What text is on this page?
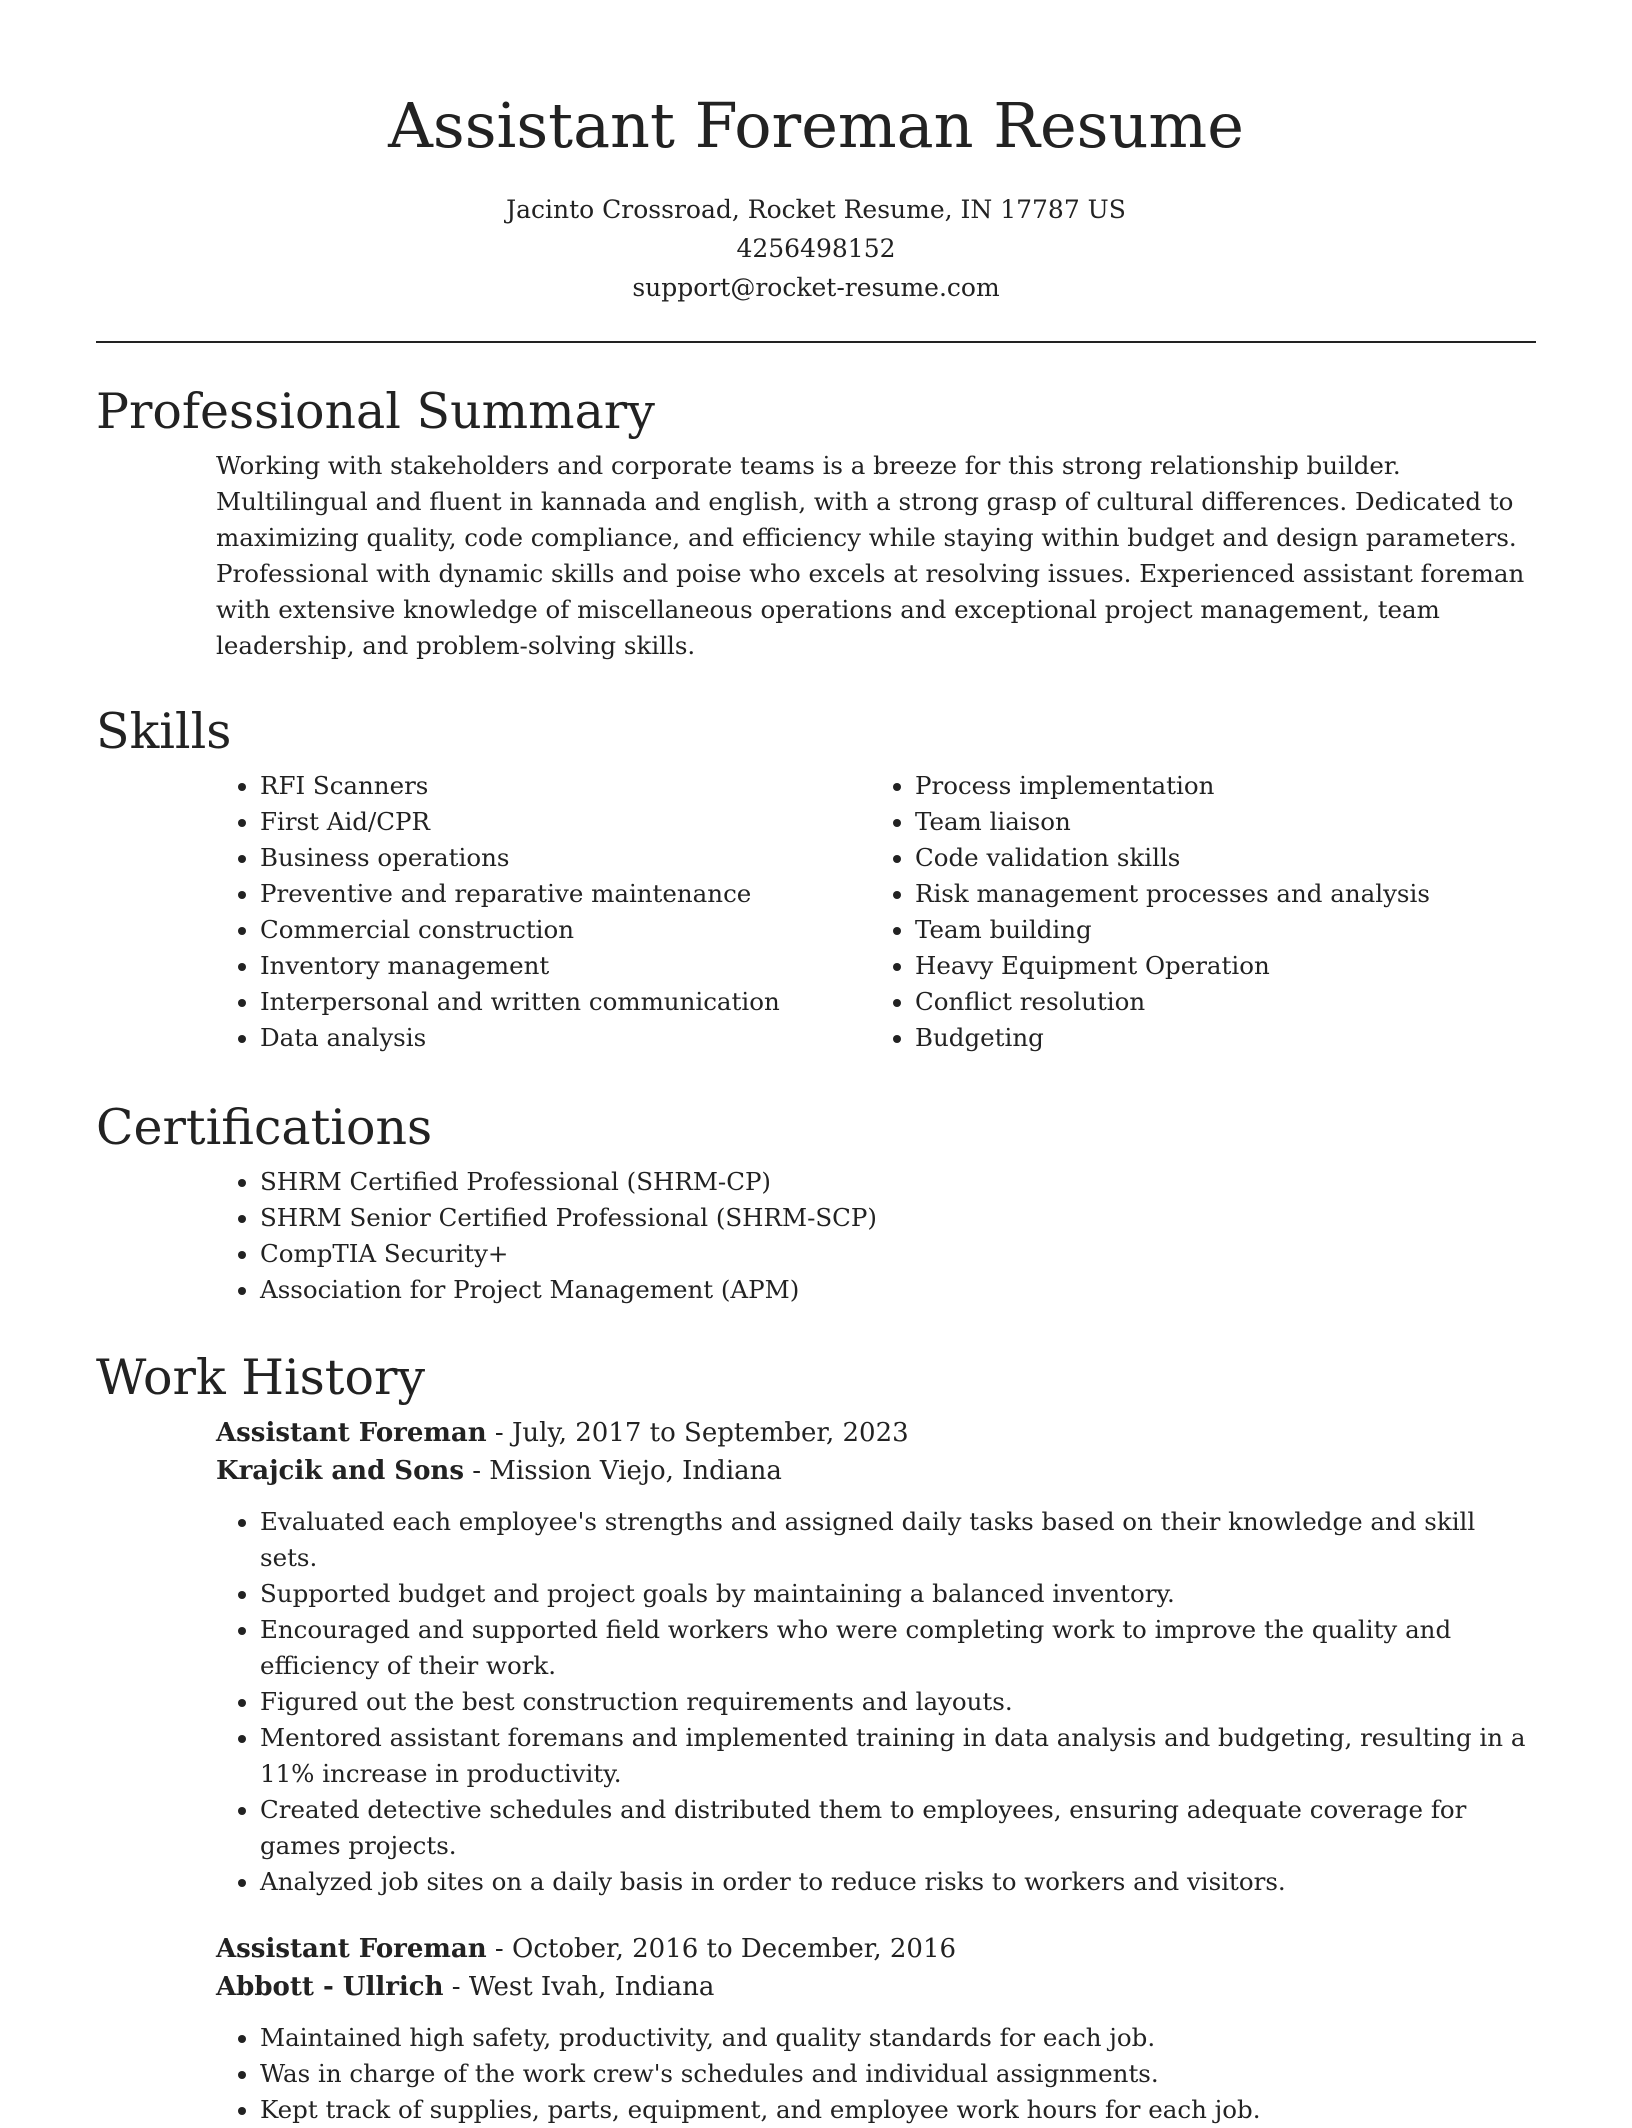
Assistant Foreman Resume
Jacinto Crossroad, Rocket Resume, IN 17787 US
4256498152
support@rocket-resume.com
Professional Summary

Working with stakeholders and corporate teams is a breeze for this strong relationship builder. Multilingual and fluent in kannada and english, with a strong grasp of cultural differences. Dedicated to maximizing quality, code compliance, and efficiency while staying within budget and design parameters. Professional with dynamic skills and poise who excels at resolving issues. Experienced assistant foreman with extensive knowledge of miscellaneous operations and exceptional project management, team leadership, and problem-solving skills.

Skills
• RFI Scanners
• First Aid/CPR
• Business operations
• Preventive and reparative maintenance
• Commercial construction
• Inventory management
• Interpersonal and written communication
• Data analysis
• Process implementation
• Team liaison
• Code validation skills
• Risk management processes and analysis
• Team building
• Heavy Equipment Operation
• Conflict resolution
• Budgeting
Certifications
• SHRM Certified Professional (SHRM-CP)
• SHRM Senior Certified Professional (SHRM-SCP)
• CompTIA Security+
• Association for Project Management (APM)
Work History
Assistant Foreman - July, 2017 to September, 2023
Krajcik and Sons - Mission Viejo, Indiana
• Evaluated each employee's strengths and assigned daily tasks based on their knowledge and skill sets.
• Supported budget and project goals by maintaining a balanced inventory.
• Encouraged and supported field workers who were completing work to improve the quality and efficiency of their work.
• Figured out the best construction requirements and layouts.
• Mentored assistant foremans and implemented training in data analysis and budgeting, resulting in a 11% increase in productivity.
• Created detective schedules and distributed them to employees, ensuring adequate coverage for games projects.
• Analyzed job sites on a daily basis in order to reduce risks to workers and visitors.
Assistant Foreman - October, 2016 to December, 2016
Abbott - Ullrich - West Ivah, Indiana
• Maintained high safety, productivity, and quality standards for each job.
• Was in charge of the work crew's schedules and individual assignments.
• Kept track of supplies, parts, equipment, and employee work hours for each job.
